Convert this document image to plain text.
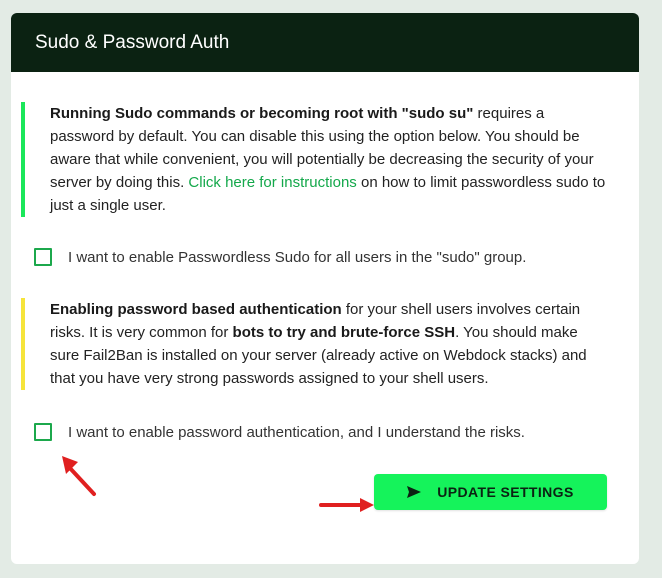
Sudo & Password Auth
Running Sudo commands or becoming root with "sudo su" requires a password by default. You can disable this using the option below. You should be aware that while convenient, you will potentially be decreasing the security of your server by doing this. Click here for instructions on how to limit passwordless sudo to just a single user.
I want to enable Passwordless Sudo for all users in the "sudo" group.
Enabling password based authentication for your shell users involves certain risks. It is very common for bots to try and brute-force SSH. You should make sure Fail2Ban is installed on your server (already active on Webdock stacks) and that you have very strong passwords assigned to your shell users.
I want to enable password authentication, and I understand the risks.
UPDATE SETTINGS
